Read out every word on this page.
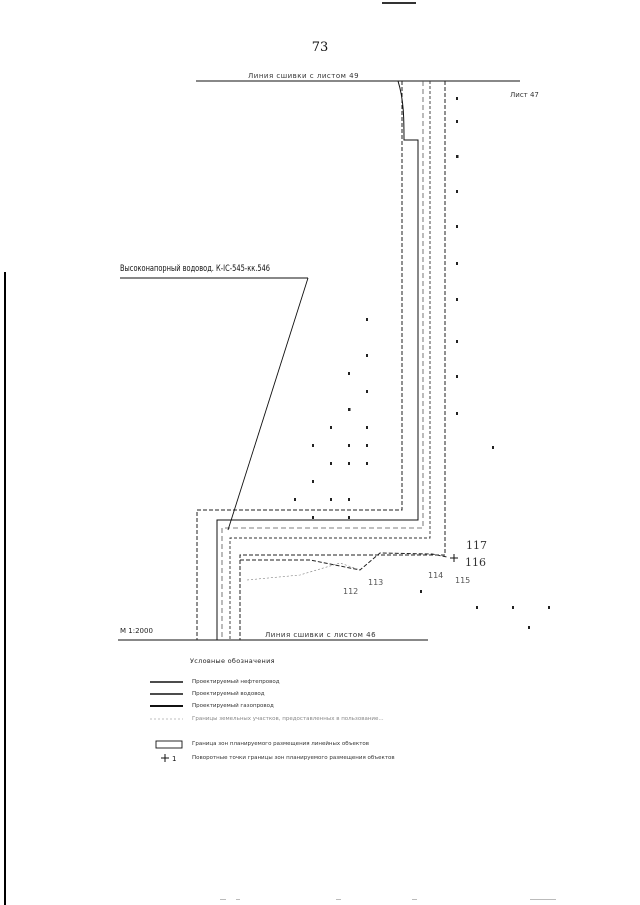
73
1
Линия сшивки с листом 49
Лист 47
Высоконапорный водовод. К-IС-545-кк.546
Линия сшивки с листом 46
М 1:2000
117
116
115
114
113
112
Условные обозначения
Проектируемый нефтепровод
Проектируемый водовод
Проектируемый газопровод
Границы земельных участков, предоставленных в пользование...
Граница зон планируемого размещения линейных объектов
Поворотные точки границы зон планируемого размещения объектов
